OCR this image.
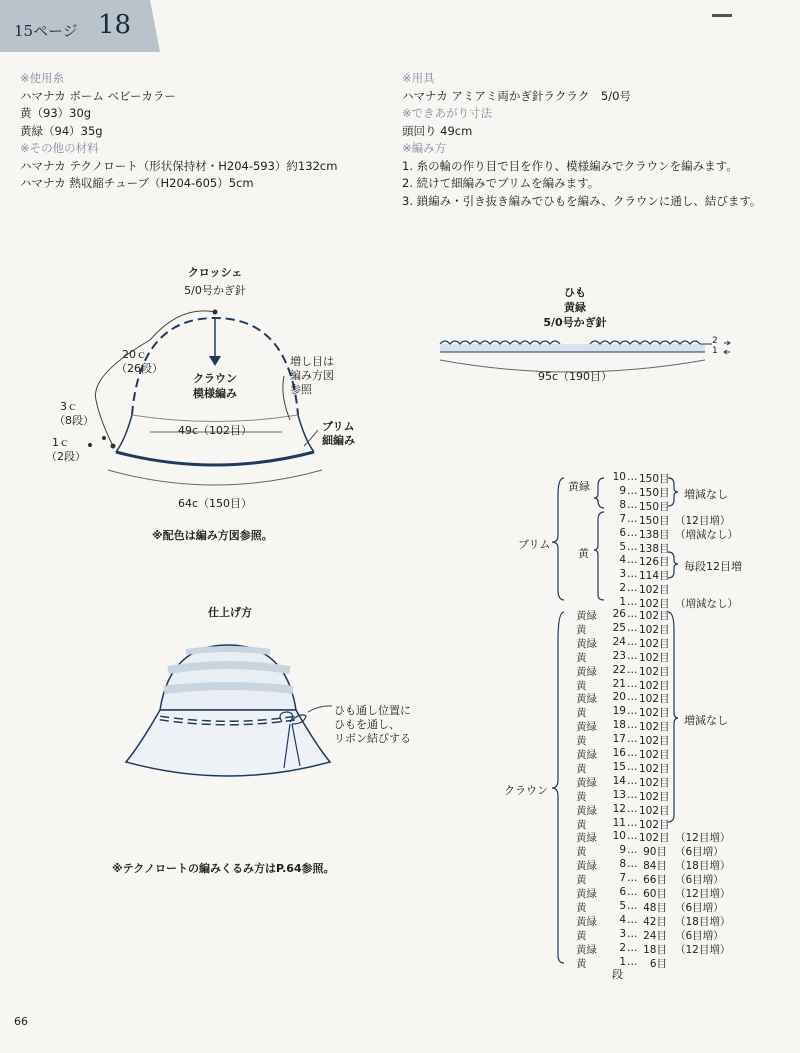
15ページ 18
※使用糸
ハマナカ ボーム ベビーカラー
黄（93）30g
黄緑（94）35g
※その他の材料
ハマナカ テクノロート（形状保持材・H204-593）約132cm
ハマナカ 熱収縮チューブ（H204-605）5cm
※用具
ハマナカ アミアミ両かぎ針ラクラク　5/0号
※できあがり寸法
頭回り 49cm
※編み方
1. 糸の輪の作り目で目を作り、模様編みでクラウンを編みます。
2. 続けて細編みでブリムを編みます。
3. 鎖編み・引き抜き編みでひもを編み、クラウンに通し、結びます。
クロッシェ
5/0号かぎ針
20ｃ
（26段）
3ｃ
（8段）
1ｃ
（2段）
クラウン
模様編み
増し目は
編み方図
参照
ブリム
細編み
49c（102目）
64c（150目）
※配色は編み方図参照。
ひも
黄緑
5/0号かぎ針
2
1
95c（190目）
仕上げ方
ひも通し位置に
ひもを通し、
リボン結びする
※テクノロートの編みくるみ方はP.64参照。
ブリム
クラウン
黄緑
黄
増減なし
毎段12目増
増減なし
段
10 … 150目
9 … 150目
8 … 150目
7 … 150目 （12目増）
6 … 138目 （増減なし）
5 … 138目
4 … 126目
3 … 114目
2 … 102目
1 … 102目 （増減なし）
黄緑	26 … 102目
黄	25 … 102目
黄緑	24 … 102目
黄	23 … 102目
黄緑	22 … 102目
黄	21 … 102目
黄緑	20 … 102目
黄	19 … 102目
黄緑	18 … 102目
黄	17 … 102目
黄緑	16 … 102目
黄	15 … 102目
黄緑	14 … 102目
黄	13 … 102目
黄緑	12 … 102目
黄	11 … 102目
黄緑	10 … 102目 （12目増）
黄	9 … 90目 （6目増）
黄緑	8 … 84目 （18目増）
黄	7 … 66目 （6目増）
黄緑	6 … 60目 （12目増）
黄	5 … 48目 （6目増）
黄緑	4 … 42目 （18目増）
黄	3 … 24目 （6目増）
黄緑	2 … 18目 （12目増）
黄	1 …	6目
66
